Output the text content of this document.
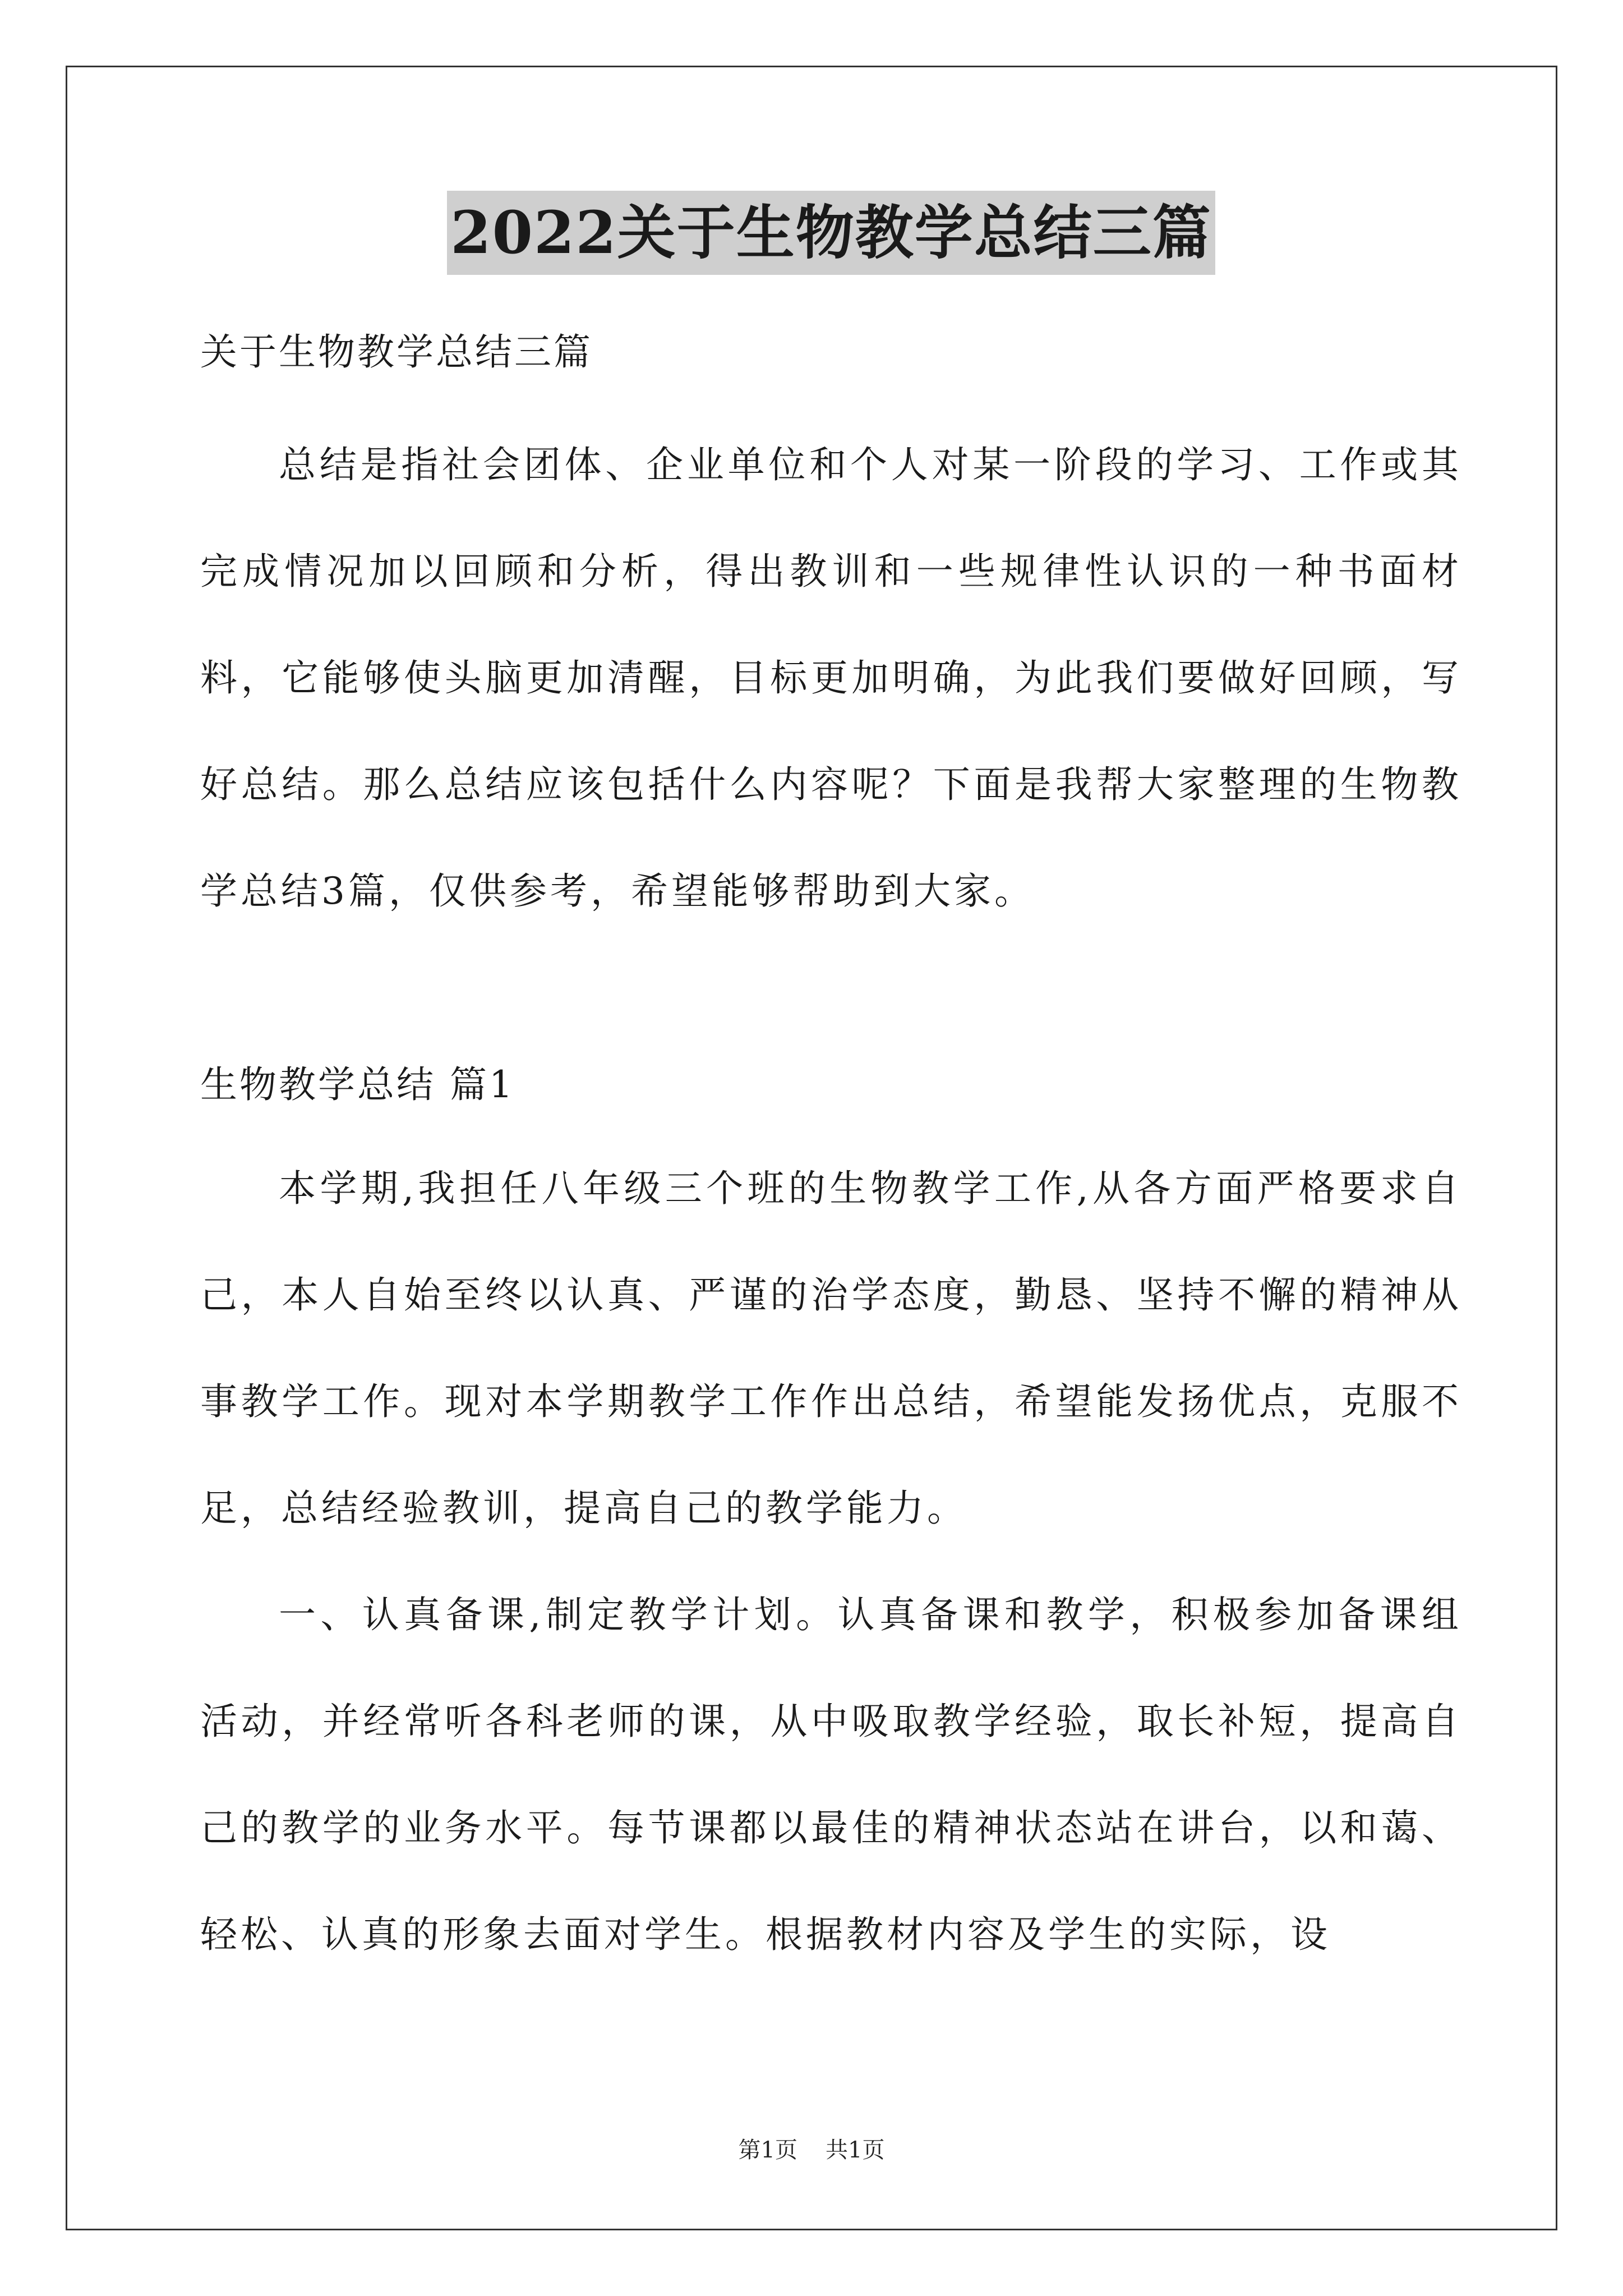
2022关于生物教学总结三篇
关于生物教学总结三篇

总结是指社会团体、企业单位和个人对某一阶段的学习、工作或其完成情况加以回顾和分析，得出教训和一些规律性认识的一种书面材料，它能够使头脑更加清醒，目标更加明确，为此我们要做好回顾，写好总结。那么总结应该包括什么内容呢？下面是我帮大家整理的生物教学总结3篇，仅供参考，希望能够帮助到大家。

生物教学总结 篇1

本学期,我担任八年级三个班的生物教学工作,从各方面严格要求自己，本人自始至终以认真、严谨的治学态度，勤恳、坚持不懈的精神从事教学工作。现对本学期教学工作作出总结，希望能发扬优点，克服不足，总结经验教训，提高自己的教学能力。

一、认真备课,制定教学计划。认真备课和教学，积极参加备课组活动，并经常听各科老师的课，从中吸取教学经验，取长补短，提高自己的教学的业务水平。每节课都以最佳的精神状态站在讲台，以和蔼、轻松、认真的形象去面对学生。根据教材内容及学生的实际，设

第1页 共1页
